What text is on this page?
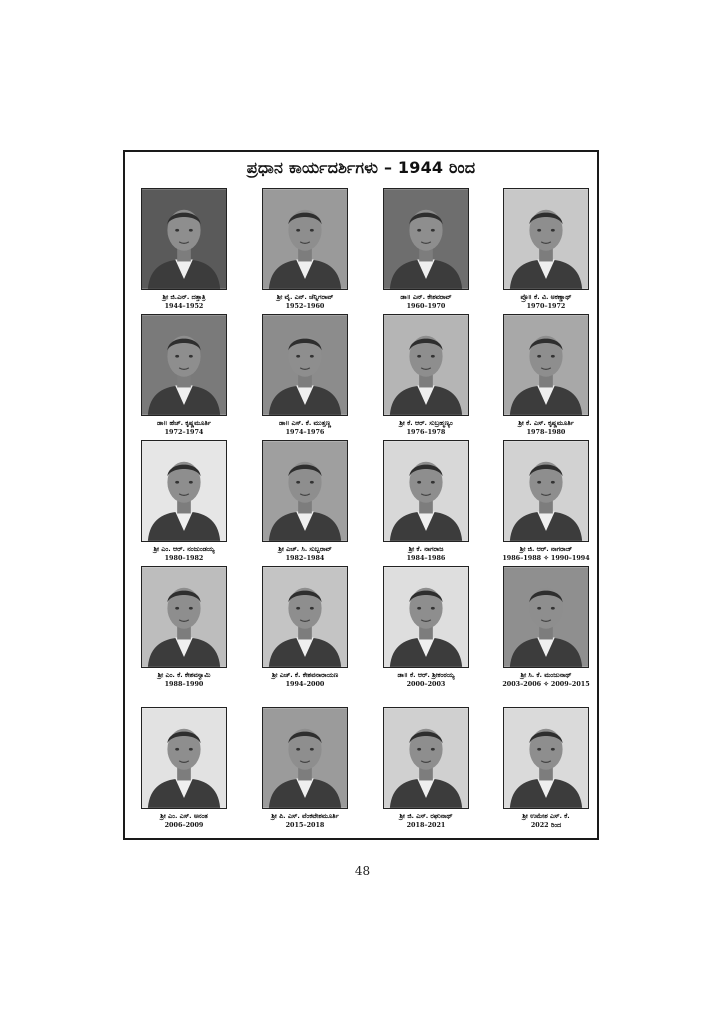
ಪ್ರಧಾನ ಕಾರ್ಯದರ್ಶಿಗಳು – 1944 ರಿಂದ
ಶ್ರೀ ಜಿ.ಎನ್. ದತ್ತಾತ್ರಿ
1944–1952
ಶ್ರೀ ವೈ. ಎನ್. ಚೆನ್ನಿಗರಾವ್
1952–1960
ಡಾ॥ ಎನ್. ಕೇಶವರಾವ್
1960–1970
ಪ್ರೊ॥ ಕೆ. ವಿ. ಅಕಣ್ಣಾಥ್
1970–1972
ಡಾ॥ ಹೆಚ್. ಕೃಷ್ಣಮೂರ್ತಿ
1972–1974
ಡಾ॥ ಎಸ್. ಕೆ. ಮುತ್ತಣ್ಣ
1974–1976
ಶ್ರೀ ಕೆ. ಆರ್. ಸುಬ್ರಹ್ಮಣ್ಯಂ
1976–1978
ಶ್ರೀ ಕೆ. ಎಸ್. ಕೃಷ್ಣಮೂರ್ತಿ
1978–1980
ಶ್ರೀ ಎಂ. ಆರ್. ನಂಜುಂಡಯ್ಯ
1980–1982
ಶ್ರೀ ಎಚ್. ಸಿ. ಸುಬ್ಬರಾವ್
1982–1984
ಶ್ರೀ ಕೆ. ನಾಗರಾಜ
1984–1986
ಶ್ರೀ ಜಿ. ಆರ್. ನಾಗರಾಜ್
1986–1988 ✧ 1990–1994
ಶ್ರೀ ಎಂ. ಕೆ. ಕೇಶವಸ್ವಾಮಿ
1988–1990
ಶ್ರೀ ಎಚ್. ಕೆ. ಕೇಶವನಾರಾಯಣ
1994–2000
ಡಾ॥ ಕೆ. ಆರ್. ಶ್ರೀಕಂಠಯ್ಯ
2000–2003
ಶ್ರೀ ಸಿ. ಕೆ. ಮಂಜುನಾಥ್
2003–2006 ✧ 2009–2015
ಶ್ರೀ ಎಂ. ಎಸ್. ಅನಂತ
2006–2009
ಶ್ರೀ ಪಿ. ಎಸ್. ವೆಂಕಟೇಶಮೂರ್ತಿ
2015–2018
ಶ್ರೀ ಜಿ. ಎಸ್. ರಘುನಾಥ್
2018–2021
ಶ್ರೀ ಉಮೇಶ ಎಸ್. ಕೆ.
2022 ರಿಂದ
48
